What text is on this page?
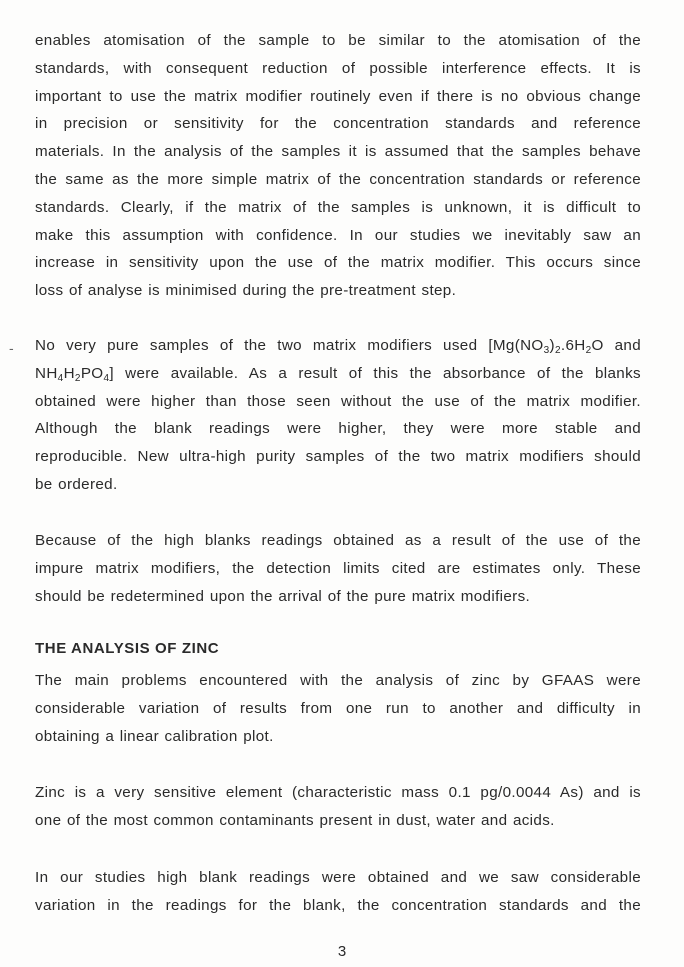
enables atomisation of the sample to be similar to the atomisation of the
standards, with consequent reduction of possible interference effects. It is
important to use the matrix modifier routinely even if there is no obvious change
in precision or sensitivity for the concentration standards and reference
materials. In the analysis of the samples it is assumed that the samples behave
the same as the more simple matrix of the concentration standards or reference
standards. Clearly, if the matrix of the samples is unknown, it is difficult to
make this assumption with confidence. In our studies we inevitably saw an
increase in sensitivity upon the use of the matrix modifier. This occurs since
loss of analyse is minimised during the pre-treatment step.
No very pure samples of the two matrix modifiers used [$Mg(NO_3)_2.6H_2O$ and
$NH_4H_2PO_4$] were available. As a result of this the absorbance of the blanks
obtained were higher than those seen without the use of the matrix modifier.
Although the blank readings were higher, they were more stable and
reproducible. New ultra-high purity samples of the two matrix modifiers should
be ordered.
Because of the high blanks readings obtained as a result of the use of the
impure matrix modifiers, the detection limits cited are estimates only. These
should be redetermined upon the arrival of the pure matrix modifiers.
THE ANALYSIS OF ZINC
The main problems encountered with the analysis of zinc by GFAAS were
considerable variation of results from one run to another and difficulty in
obtaining a linear calibration plot.
Zinc is a very sensitive element (characteristic mass 0.1 pg/0.0044 As) and is
one of the most common contaminants present in dust, water and acids.
In our studies high blank readings were obtained and we saw considerable
variation in the readings for the blank, the concentration standards and the
-
3
